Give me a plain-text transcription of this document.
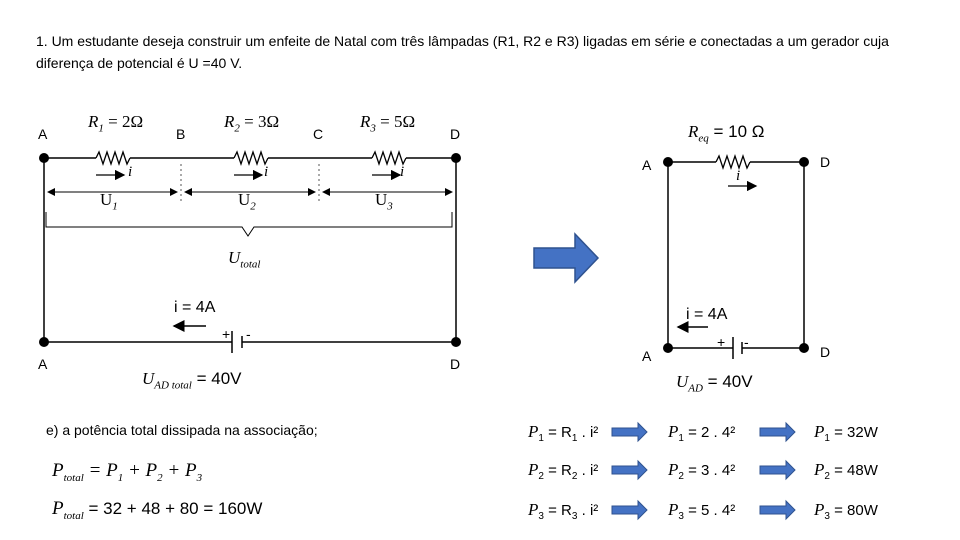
1. Um estudante deseja construir um enfeite de Natal com três lâmpadas (R1, R2 e R3) ligadas em série e conectadas a um gerador cuja diferença de potencial é U =40 V.
A	B	C	D
A	D
$R_1 = 2\Omega$	$R_2 = 3\Omega$	$R_3 = 5\Omega$
i	i	i
$U_1$	$U_2$	$U_3$
$U_{total}$
i = 4A
+ -
$U_{AD total} = 40V$
$R_{eq} = 10$ Ω
A	D
i
i = 4A
+ -
A	D
$U_{AD} = 40V$
e) a potência total dissipada na associação;
$P_{total} = P_1 + P_2 + P_3$
$P_{total} = 32 + 48 + 80 = 160W$
$P_1 = R_1$ . i²	$P_1 = 2$ . 4²	$P_1 = 32W$
$P_2 = R_2$ . i²	$P_2 = 3$ . 4²	$P_2 = 48W$
$P_3 = R_3$ . i²	$P_3 = 5$ . 4²	$P_3 = 80W$
